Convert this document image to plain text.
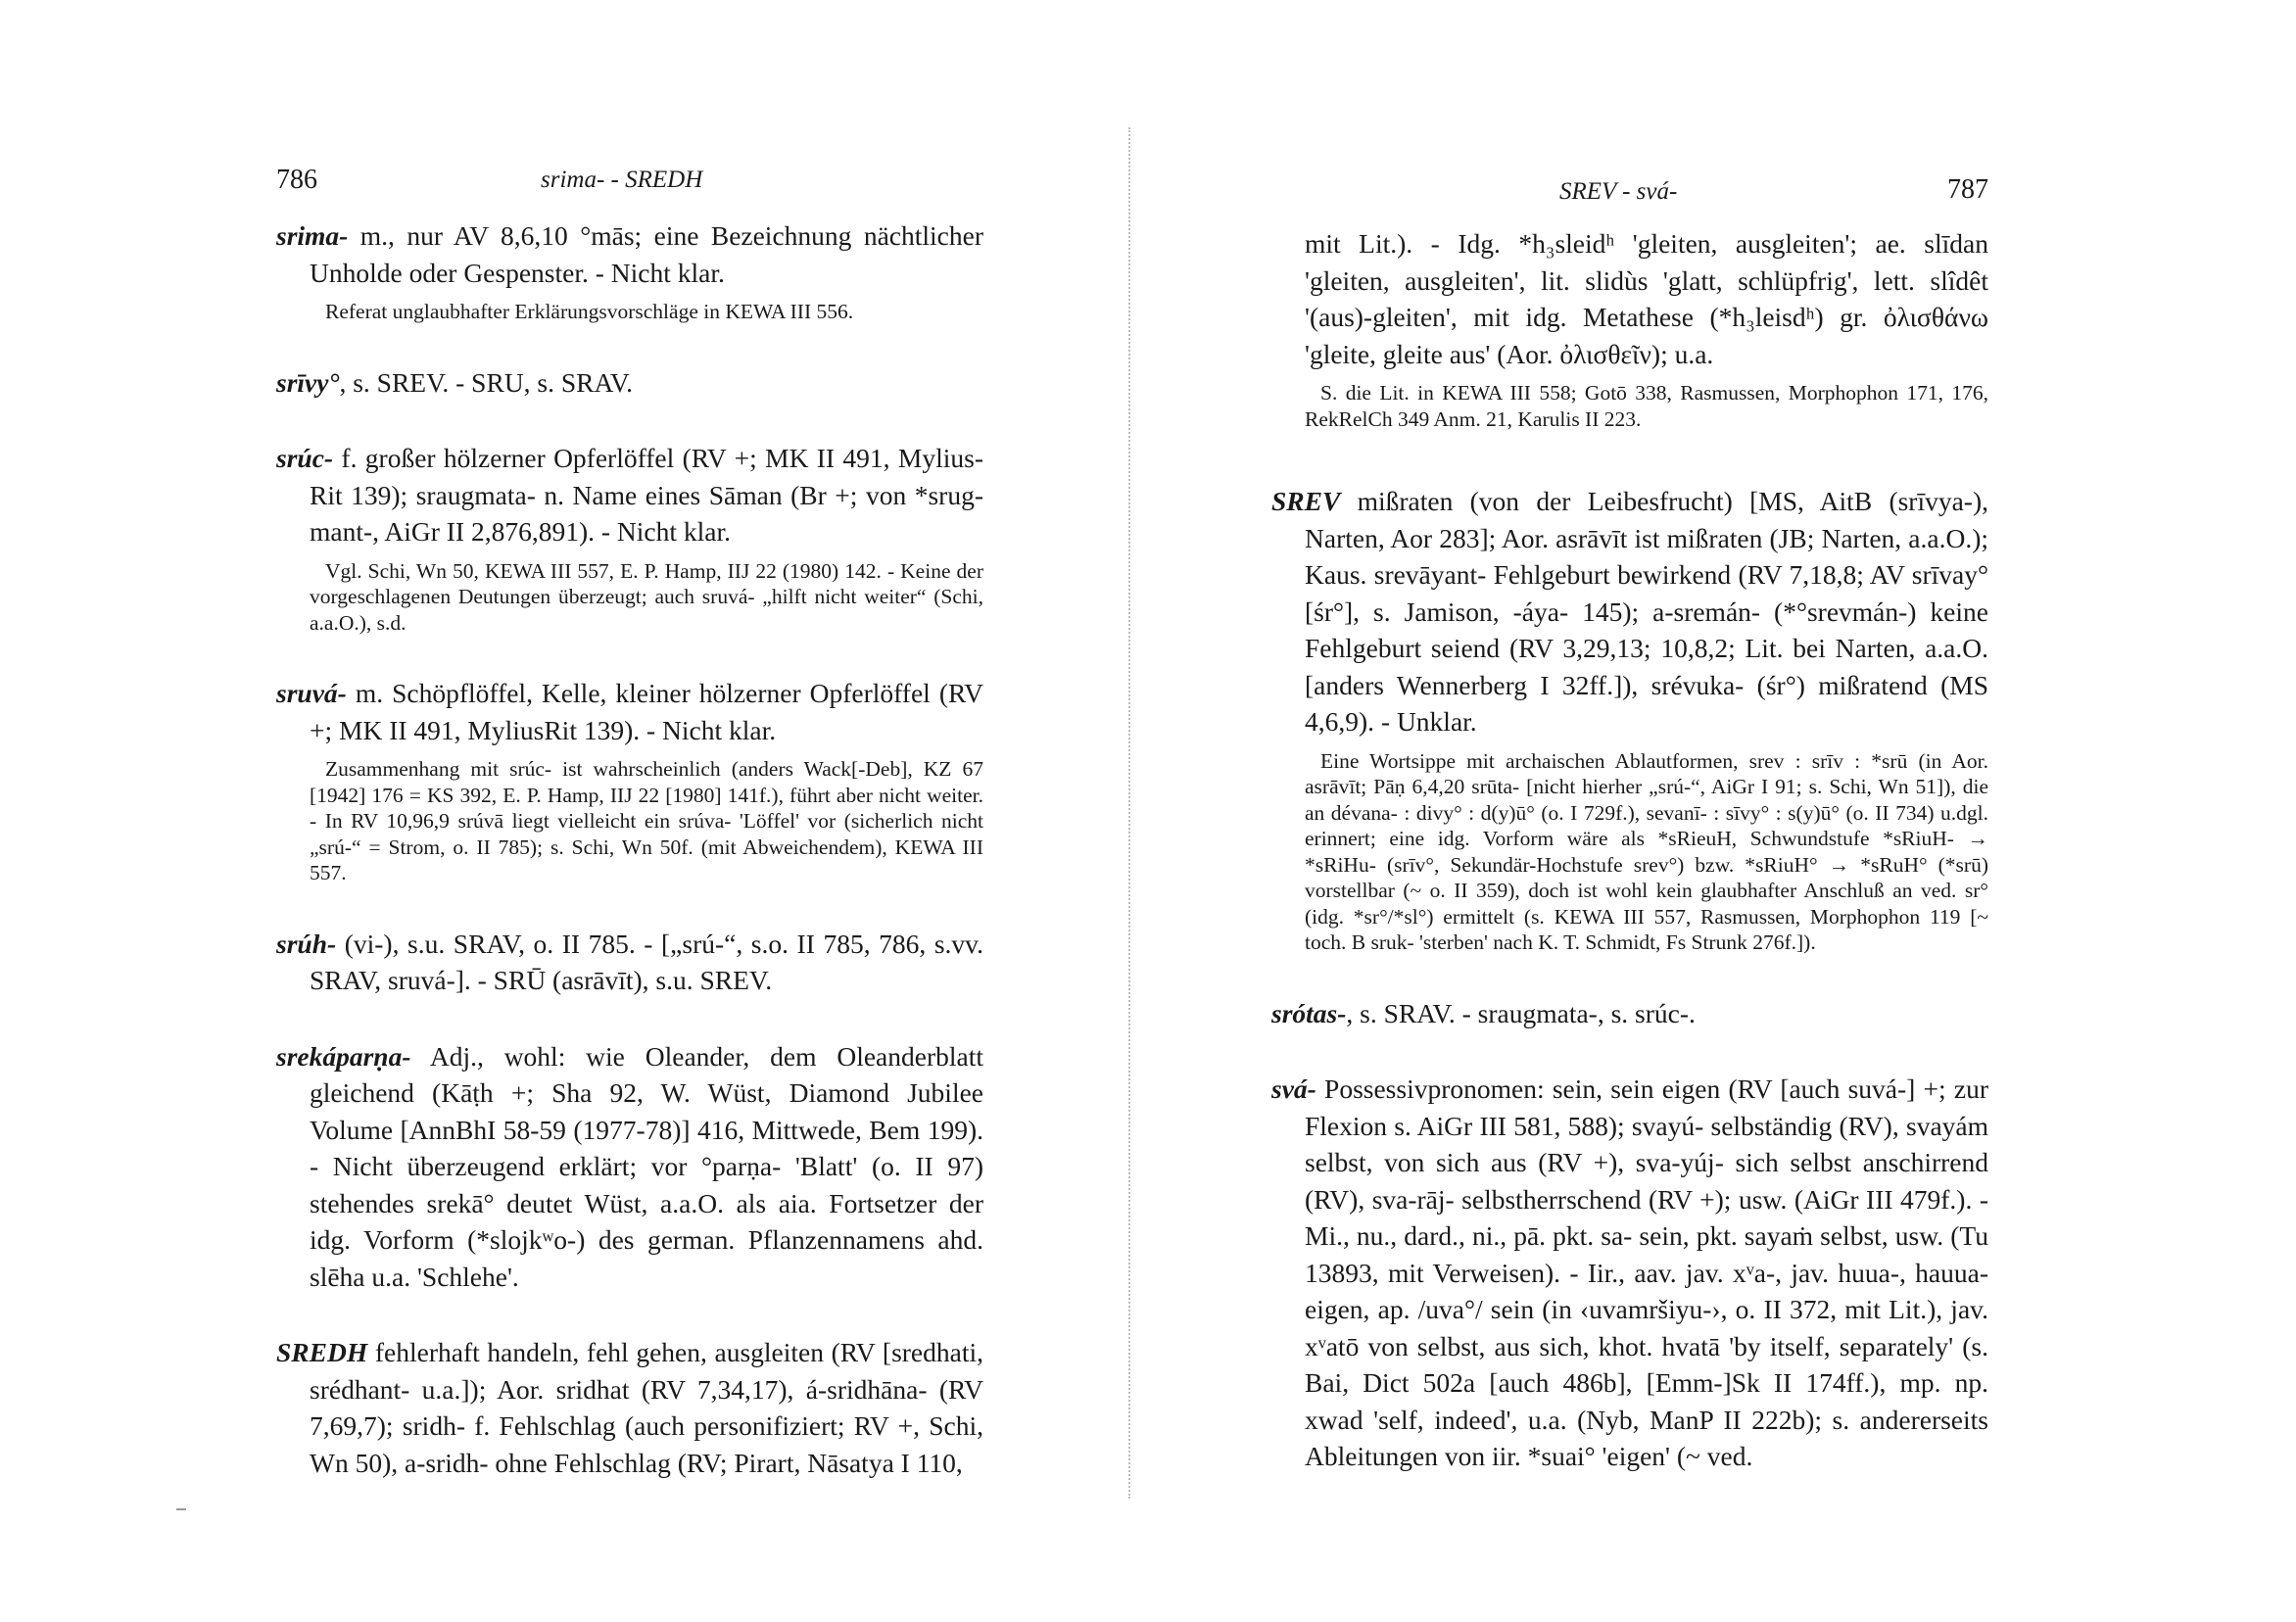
786	srima- - SREDH

srima- m., nur AV 8,6,10 °mās; eine Bezeichnung nächtlicher Unholde oder Gespenster. - Nicht klar.

Referat unglaubhafter Erklärungsvorschläge in KEWA III 556.

srīvy°, s. SREV. - SRU, s. SRAV.

srúc- f. großer hölzerner Opferlöffel (RV +; MK II 491, Mylius-Rit 139); sraugmata- n. Name eines Sāman (Br +; von *srug-mant-, AiGr II 2,876,891). - Nicht klar.

Vgl. Schi, Wn 50, KEWA III 557, E. P. Hamp, IIJ 22 (1980) 142. - Keine der vorgeschlagenen Deutungen überzeugt; auch sruvá- „hilft nicht weiter“ (Schi, a.a.O.), s.d.

sruvá- m. Schöpflöffel, Kelle, kleiner hölzerner Opferlöffel (RV +; MK II 491, MyliusRit 139). - Nicht klar.

Zusammenhang mit srúc- ist wahrscheinlich (anders Wack[-Deb], KZ 67 [1942] 176 = KS 392, E. P. Hamp, IIJ 22 [1980] 141f.), führt aber nicht weiter. - In RV 10,96,9 srúvā liegt vielleicht ein srúva- 'Löffel' vor (sicherlich nicht „srú-“ = Strom, o. II 785); s. Schi, Wn 50f. (mit Abweichendem), KEWA III 557.

srúh- (vi-), s.u. SRAV, o. II 785. - [„srú-“, s.o. II 785, 786, s.vv. SRAV, sruvá-]. - SRŪ (asrāvīt), s.u. SREV.

srekáparṇa- Adj., wohl: wie Oleander, dem Oleanderblatt gleichend (Kāṭh +; Sha 92, W. Wüst, Diamond Jubilee Volume [AnnBhI 58-59 (1977-78)] 416, Mittwede, Bem 199). - Nicht überzeugend erklärt; vor °parṇa- 'Blatt' (o. II 97) stehendes srekā° deutet Wüst, a.a.O. als aia. Fortsetzer der idg. Vorform (*slojkʷo-) des german. Pflanzennamens ahd. slēha u.a. 'Schlehe'.

SREDH fehlerhaft handeln, fehl gehen, ausgleiten (RV [sredhati, srédhant- u.a.]); Aor. sridhat (RV 7,34,17), á-sridhāna- (RV 7,69,7); sridh- f. Fehlschlag (auch personifiziert; RV +, Schi, Wn 50), a-sridh- ohne Fehlschlag (RV; Pirart, Nāsatya I 110,

SREV - svá-	787

mit Lit.). - Idg. *h₃sleidʰ 'gleiten, ausgleiten'; ae. slīdan 'gleiten, ausgleiten', lit. slidùs 'glatt, schlüpfrig', lett. slîdêt '(aus)-gleiten', mit idg. Metathese (*h₃leisdʰ) gr. ὀλισθάνω 'gleite, gleite aus' (Aor. ὀλισθεῖν); u.a.

S. die Lit. in KEWA III 558; Gotō 338, Rasmussen, Morphophon 171, 176, RekRelCh 349 Anm. 21, Karulis II 223.

SREV mißraten (von der Leibesfrucht) [MS, AitB (srīvya-), Narten, Aor 283]; Aor. asrāvīt ist mißraten (JB; Narten, a.a.O.); Kaus. srevāyant- Fehlgeburt bewirkend (RV 7,18,8; AV srīvay° [śr°], s. Jamison, -áya- 145); a-sremán- (*°srevmán-) keine Fehlgeburt seiend (RV 3,29,13; 10,8,2; Lit. bei Narten, a.a.O. [anders Wennerberg I 32ff.]), srévuka- (śr°) mißratend (MS 4,6,9). - Unklar.

Eine Wortsippe mit archaischen Ablautformen, srev : srīv : *srū (in Aor. asrāvīt; Pāṇ 6,4,20 srūta- [nicht hierher „srú-“, AiGr I 91; s. Schi, Wn 51]), die an dévana- : divy° : d(y)ū° (o. I 729f.), sevanī- : sīvy° : s(y)ū° (o. II 734) u.dgl. erinnert; eine idg. Vorform wäre als *sRieuH, Schwundstufe *sRiuH- → *sRiHu- (srīv°, Sekundär-Hochstufe srev°) bzw. *sRiuH° → *sRuH° (*srū) vorstellbar (~ o. II 359), doch ist wohl kein glaubhafter Anschluß an ved. sr° (idg. *sr°/*sl°) ermittelt (s. KEWA III 557, Rasmussen, Morphophon 119 [~ toch. B sruk- 'sterben' nach K. T. Schmidt, Fs Strunk 276f.]).

srótas-, s. SRAV. - sraugmata-, s. srúc-.

svá- Possessivpronomen: sein, sein eigen (RV [auch suvá-] +; zur Flexion s. AiGr III 581, 588); svayú- selbständig (RV), svayám selbst, von sich aus (RV +), sva-yúj- sich selbst anschirrend (RV), sva-rāj- selbstherrschend (RV +); usw. (AiGr III 479f.). - Mi., nu., dard., ni., pā. pkt. sa- sein, pkt. sayaṁ selbst, usw. (Tu 13893, mit Verweisen). - Iir., aav. jav. xᵛa-, jav. huua-, hauua- eigen, ap. /uva°/ sein (in ‹uvamršiyu-›, o. II 372, mit Lit.), jav. xᵛatō von selbst, aus sich, khot. hvatā 'by itself, separately' (s. Bai, Dict 502a [auch 486b], [Emm-]Sk II 174ff.), mp. np. xwad 'self, indeed', u.a. (Nyb, ManP II 222b); s. andererseits Ableitungen von iir. *suai° 'eigen' (~ ved.
